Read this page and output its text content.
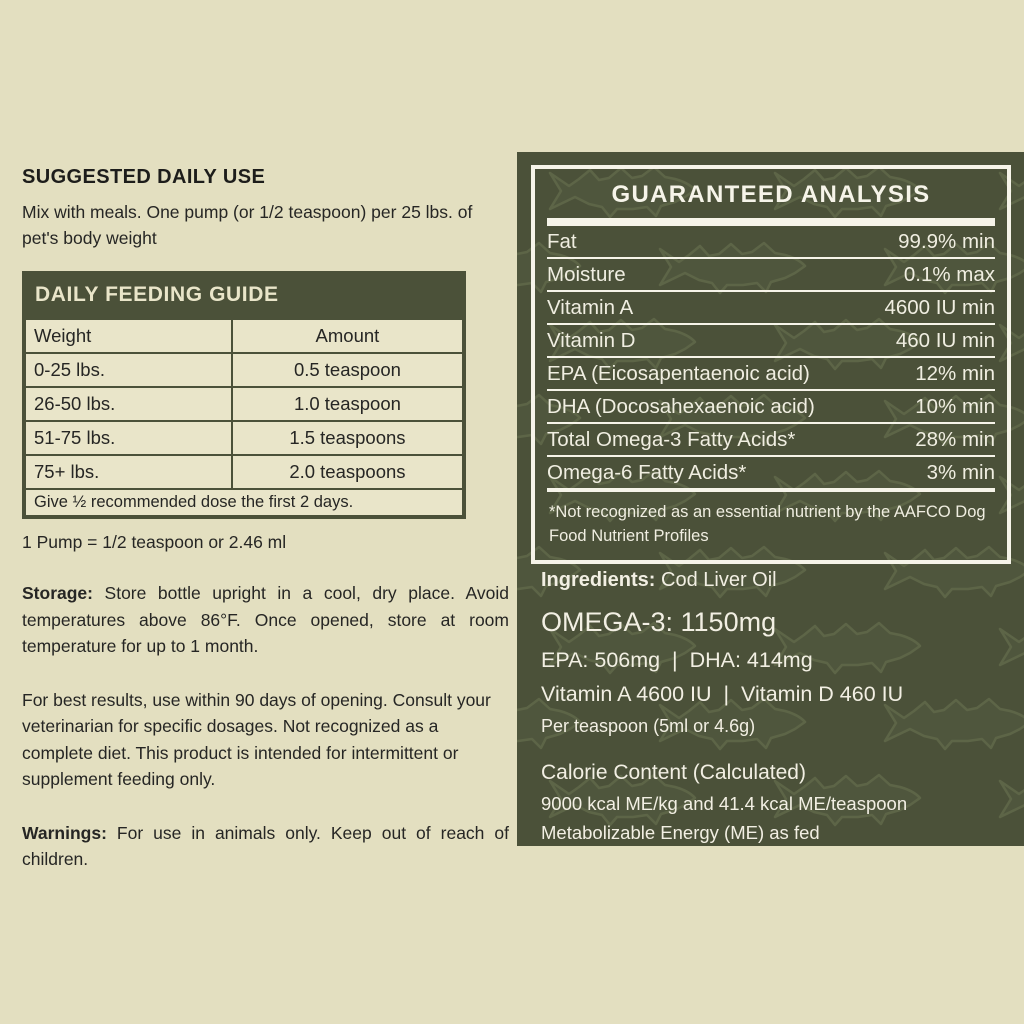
SUGGESTED DAILY USE

Mix with meals. One pump (or 1/2 teaspoon) per 25 lbs. of pet's body weight

DAILY FEEDING GUIDE
Weight	Amount
0-25 lbs.	0.5 teaspoon
26-50 lbs.	1.0 teaspoon
51-75 lbs.	1.5 teaspoons
75+ lbs.	2.0 teaspoons
Give ½ recommended dose the first 2 days.	

1 Pump = 1/2 teaspoon or 2.46 ml

Storage: Store bottle upright in a cool, dry place. Avoid temperatures above 86°F. Once opened, store at room temperature for up to 1 month.

For best results, use within 90 days of opening. Consult your veterinarian for specific dosages. Not recognized as a complete diet. This product is intended for intermittent or supplement feeding only.

Warnings: For use in animals only. Keep out of reach of children.

GUARANTEED ANALYSIS
Fat	99.9% min
Moisture	0.1% max
Vitamin A	4600 IU min
Vitamin D	460 IU min
EPA (Eicosapentaenoic acid)	12% min
DHA (Docosahexaenoic acid)	10% min
Total Omega-3 Fatty Acids*	28% min
Omega-6 Fatty Acids*	3% min
*Not recognized as an essential nutrient by the AAFCO Dog Food Nutrient Profiles

Ingredients: Cod Liver Oil

OMEGA-3: 1150mg

EPA: 506mg  |  DHA: 414mg

Vitamin A 4600 IU  |  Vitamin D 460 IU

Per teaspoon (5ml or 4.6g)

Calorie Content (Calculated)

9000 kcal ME/kg and 41.4 kcal ME/teaspoon

Metabolizable Energy (ME) as fed
